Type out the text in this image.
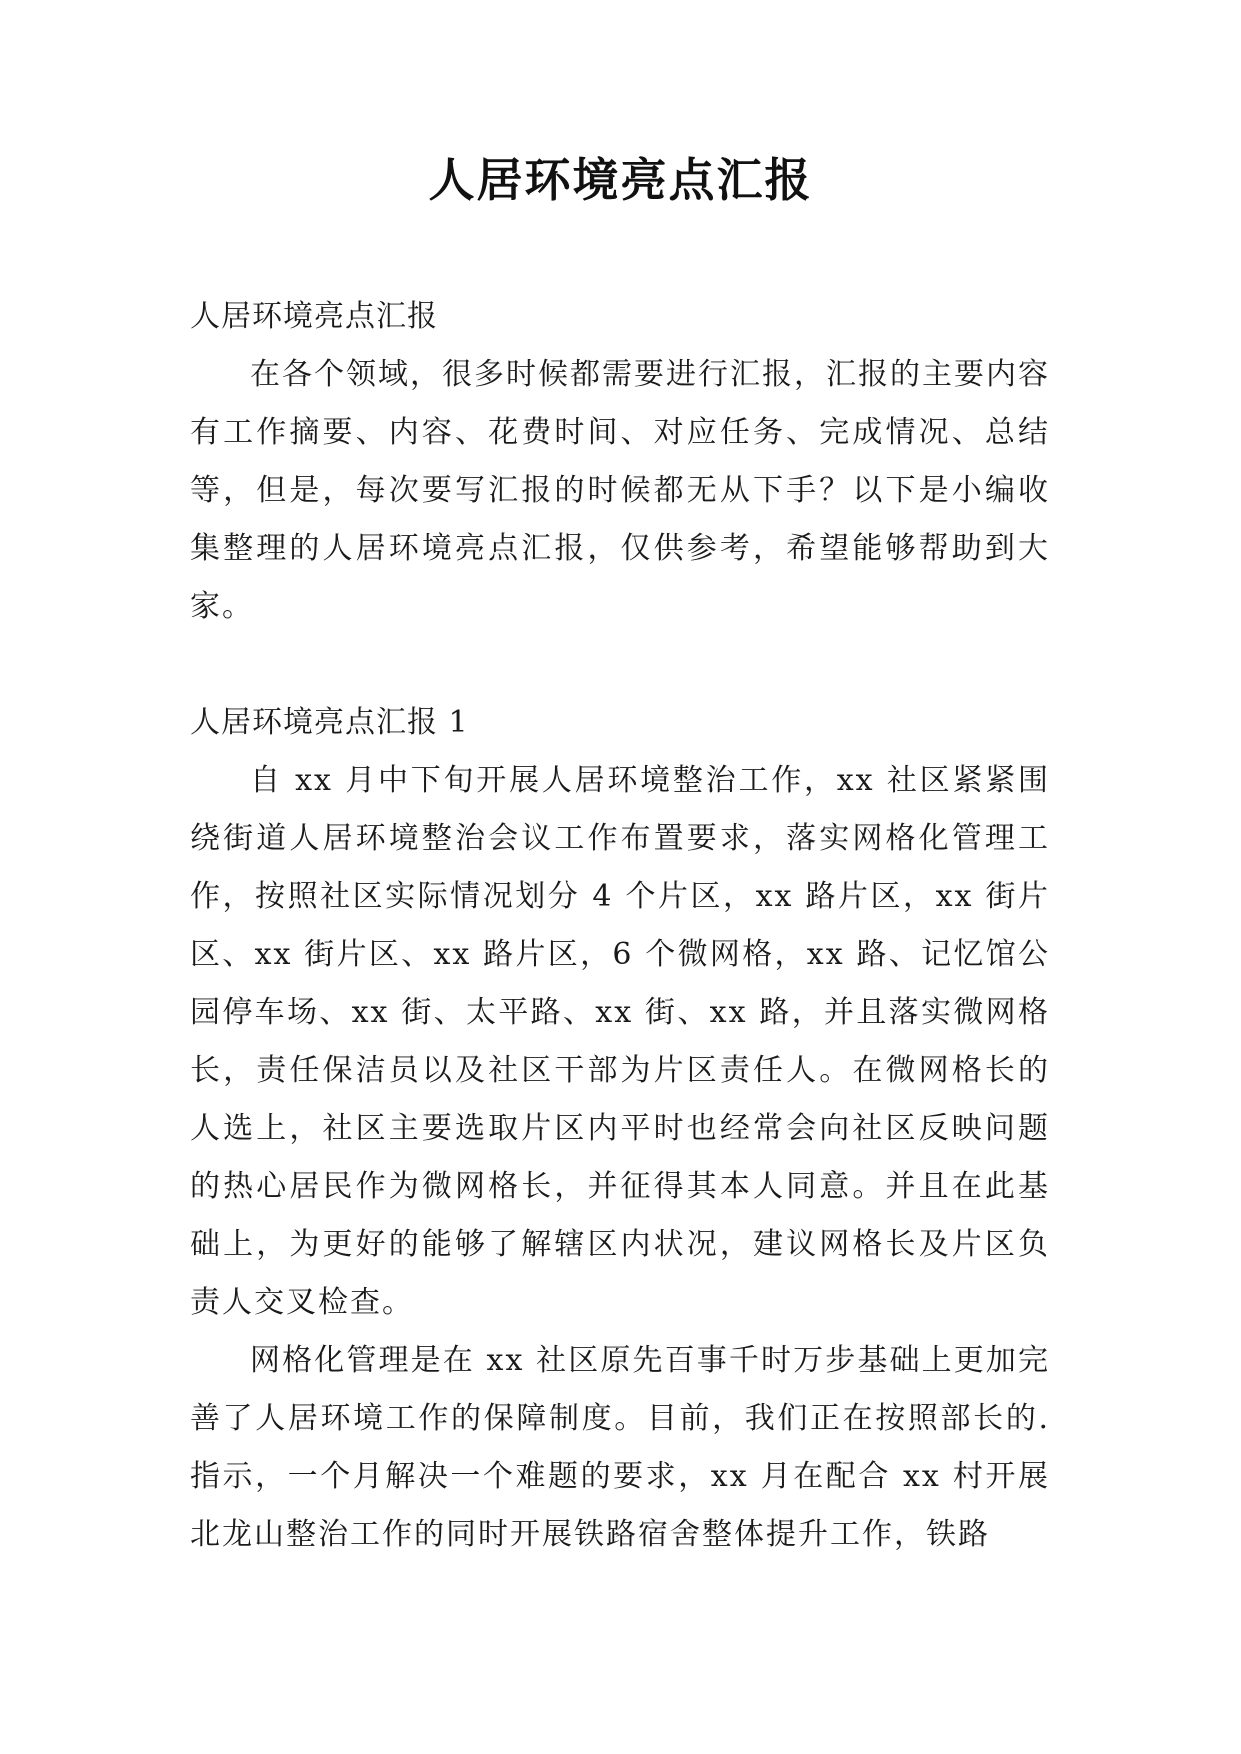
人居环境亮点汇报

人居环境亮点汇报

在各个领域，很多时候都需要进行汇报，汇报的主要内容有工作摘要、内容、花费时间、对应任务、完成情况、总结等，但是，每次要写汇报的时候都无从下手？以下是小编收集整理的人居环境亮点汇报，仅供参考，希望能够帮助到大家。

人居环境亮点汇报 1

自 xx 月中下旬开展人居环境整治工作，xx 社区紧紧围绕街道人居环境整治会议工作布置要求，落实网格化管理工作，按照社区实际情况划分 4 个片区，xx 路片区，xx 街片区、xx 街片区、xx 路片区，6 个微网格，xx 路、记忆馆公园停车场、xx 街、太平路、xx 街、xx 路，并且落实微网格长，责任保洁员以及社区干部为片区责任人。在微网格长的人选上，社区主要选取片区内平时也经常会向社区反映问题的热心居民作为微网格长，并征得其本人同意。并且在此基础上，为更好的能够了解辖区内状况，建议网格长及片区负责人交叉检查。

网格化管理是在 xx 社区原先百事千时万步基础上更加完善了人居环境工作的保障制度。目前，我们正在按照部长的.指示，一个月解决一个难题的要求，xx 月在配合 xx 村开展北龙山整治工作的同时开展铁路宿舍整体提升工作，铁路
